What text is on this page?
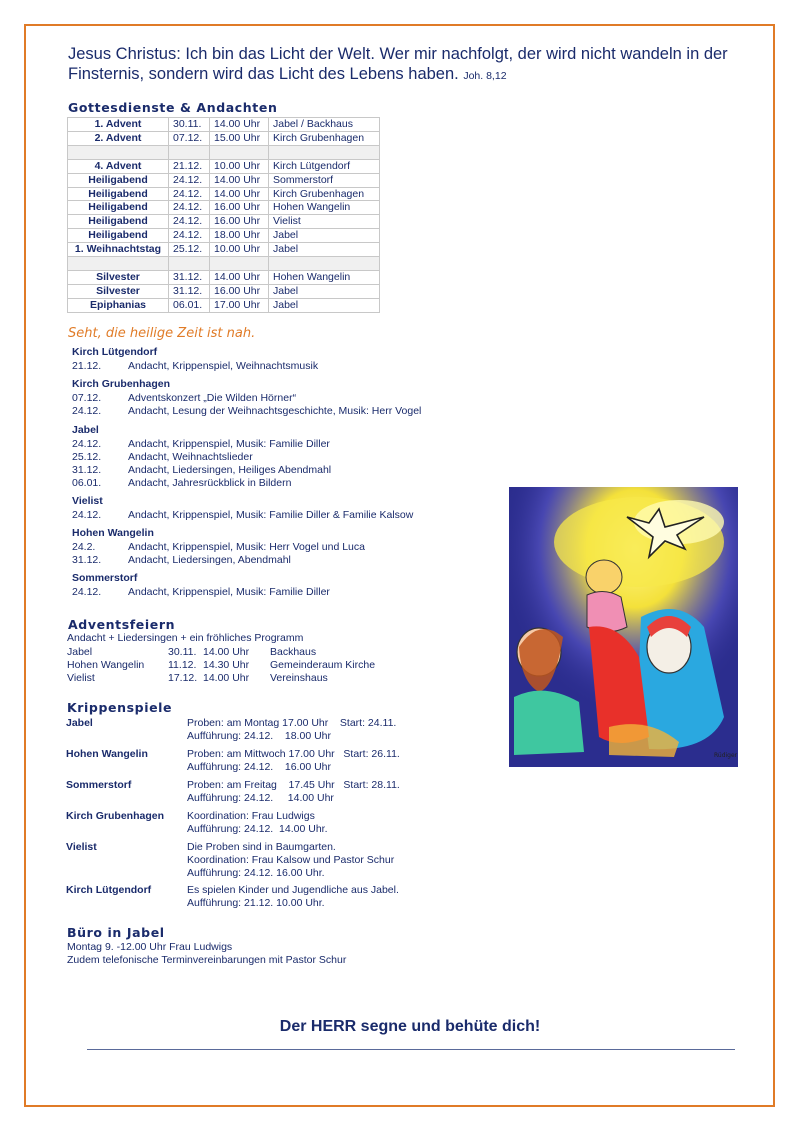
Jesus Christus: Ich bin das Licht der Welt. Wer mir nachfolgt, der wird nicht wandeln in der Finsternis, sondern wird das Licht des Lebens haben. Joh. 8,12
Gottesdienste & Andachten
1. Advent	30.11.	14.00 Uhr	Jabel / Backhaus
2. Advent	07.12.	15.00 Uhr	Kirch Grubenhagen

4. Advent	21.12.	10.00 Uhr	Kirch Lütgendorf
Heiligabend	24.12.	14.00 Uhr	Sommerstorf
Heiligabend	24.12.	14.00 Uhr	Kirch Grubenhagen
Heiligabend	24.12.	16.00 Uhr	Hohen Wangelin
Heiligabend	24.12.	16.00 Uhr	Vielist
Heiligabend	24.12.	18.00 Uhr	Jabel
1. Weihnachtstag	25.12.	10.00 Uhr	Jabel

Silvester	31.12.	14.00 Uhr	Hohen Wangelin
Silvester	31.12.	16.00 Uhr	Jabel
Epiphanias	06.01.	17.00 Uhr	Jabel
Seht, die heilige Zeit ist nah.
Kirch Lütgendorf
21.12.	Andacht, Krippenspiel, Weihnachtsmusik
Kirch Grubenhagen
07.12.	Adventskonzert „Die Wilden Hörner“
24.12.	Andacht, Lesung der Weihnachtsgeschichte, Musik: Herr Vogel
Jabel
24.12.	Andacht, Krippenspiel, Musik: Familie Diller
25.12.	Andacht, Weihnachtslieder
31.12.	Andacht, Liedersingen, Heiliges Abendmahl
06.01.	Andacht, Jahresrückblick in Bildern
Vielist
24.12.	Andacht, Krippenspiel, Musik: Familie Diller & Familie Kalsow
Hohen Wangelin
24.2.	Andacht, Krippenspiel, Musik: Herr Vogel und Luca
31.12.	Andacht, Liedersingen, Abendmahl
Sommerstorf
24.12.	Andacht, Krippenspiel, Musik: Familie Diller
Adventsfeiern
Andacht + Liedersingen + ein fröhliches Programm
Jabel	30.11. 14.00 Uhr Backhaus
Hohen Wangelin 11.12. 14.30 Uhr Gemeinderaum Kirche
Vielist	17.12. 14.00 Uhr Vereinshaus
Krippenspiele
Jabel	Proben: am Montag 17.00 Uhr    Start: 24.11.
Aufführung: 24.12.    18.00 Uhr
Hohen Wangelin	Proben: am Mittwoch 17.00 Uhr   Start: 26.11.
Aufführung: 24.12.    16.00 Uhr
Sommerstorf	Proben: am Freitag    17.45 Uhr   Start: 28.11.
Aufführung: 24.12.     14.00 Uhr
Kirch Grubenhagen Koordination: Frau Ludwigs
Aufführung: 24.12.  14.00 Uhr.
Vielist	Die Proben sind in Baumgarten.
Koordination: Frau Kalsow und Pastor Schur
Aufführung: 24.12. 16.00 Uhr.
Kirch Lütgendorf	Es spielen Kinder und Jugendliche aus Jabel.
Aufführung: 21.12. 10.00 Uhr.
Büro in Jabel
Montag 9. -12.00 Uhr Frau Ludwigs
Zudem telefonische Terminvereinbarungen mit Pastor Schur
Der HERR segne und behüte dich!
Rüdiger
